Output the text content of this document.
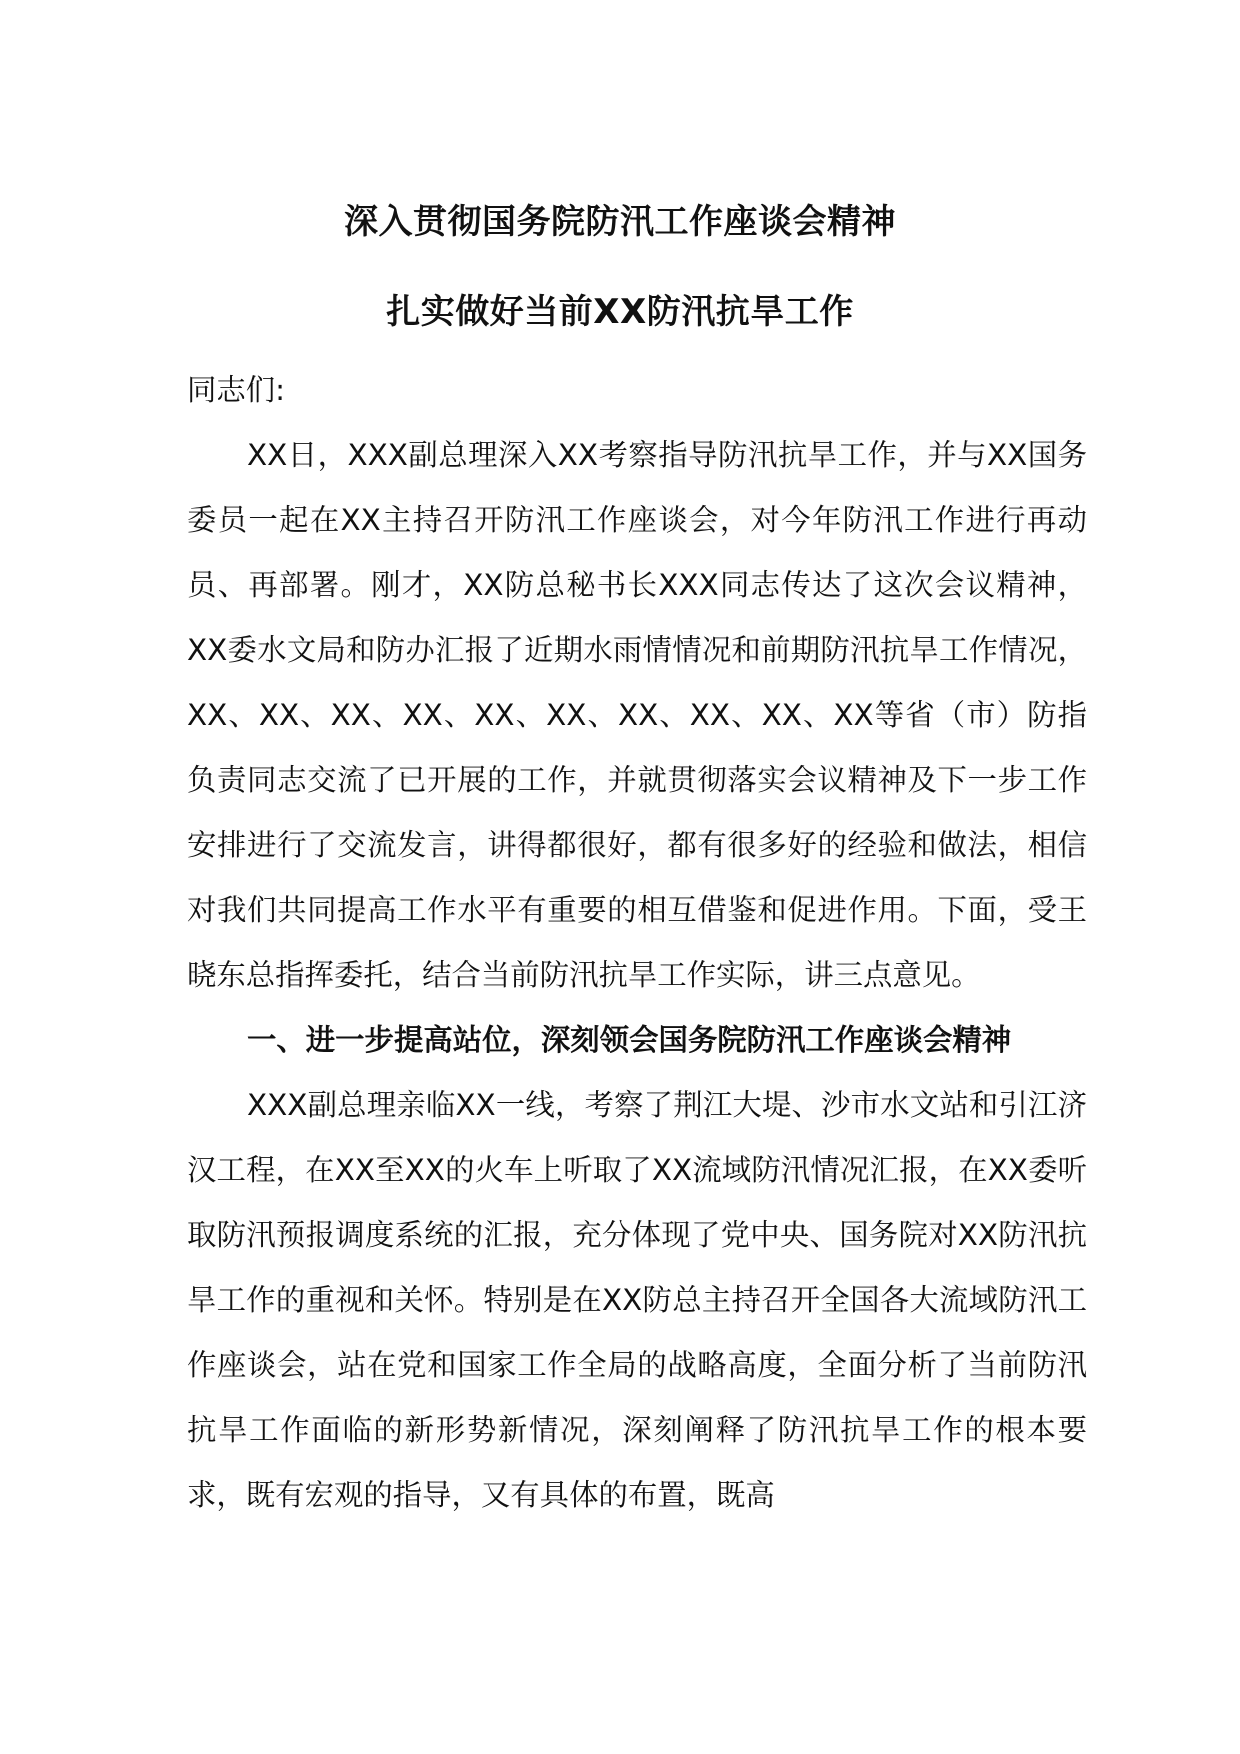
深入贯彻国务院防汛工作座谈会精神
扎实做好当前XX防汛抗旱工作

同志们:

XX日，XXX副总理深入XX考察指导防汛抗旱工作，并与XX国务委员一起在XX主持召开防汛工作座谈会，对今年防汛工作进行再动员、再部署。刚才，XX防总秘书长XXX同志传达了这次会议精神，XX委水文局和防办汇报了近期水雨情情况和前期防汛抗旱工作情况，XX、XX、XX、XX、XX、XX、XX、XX、XX、XX等省（市）防指负责同志交流了已开展的工作，并就贯彻落实会议精神及下一步工作安排进行了交流发言，讲得都很好，都有很多好的经验和做法，相信对我们共同提高工作水平有重要的相互借鉴和促进作用。下面，受王晓东总指挥委托，结合当前防汛抗旱工作实际，讲三点意见。

一、进一步提高站位，深刻领会国务院防汛工作座谈会精神

XXX副总理亲临XX一线，考察了荆江大堤、沙市水文站和引江济汉工程，在XX至XX的火车上听取了XX流域防汛情况汇报，在XX委听取防汛预报调度系统的汇报，充分体现了党中央、国务院对XX防汛抗旱工作的重视和关怀。特别是在XX防总主持召开全国各大流域防汛工作座谈会，站在党和国家工作全局的战略高度，全面分析了当前防汛抗旱工作面临的新形势新情况，深刻阐释了防汛抗旱工作的根本要求，既有宏观的指导，又有具体的布置，既高
